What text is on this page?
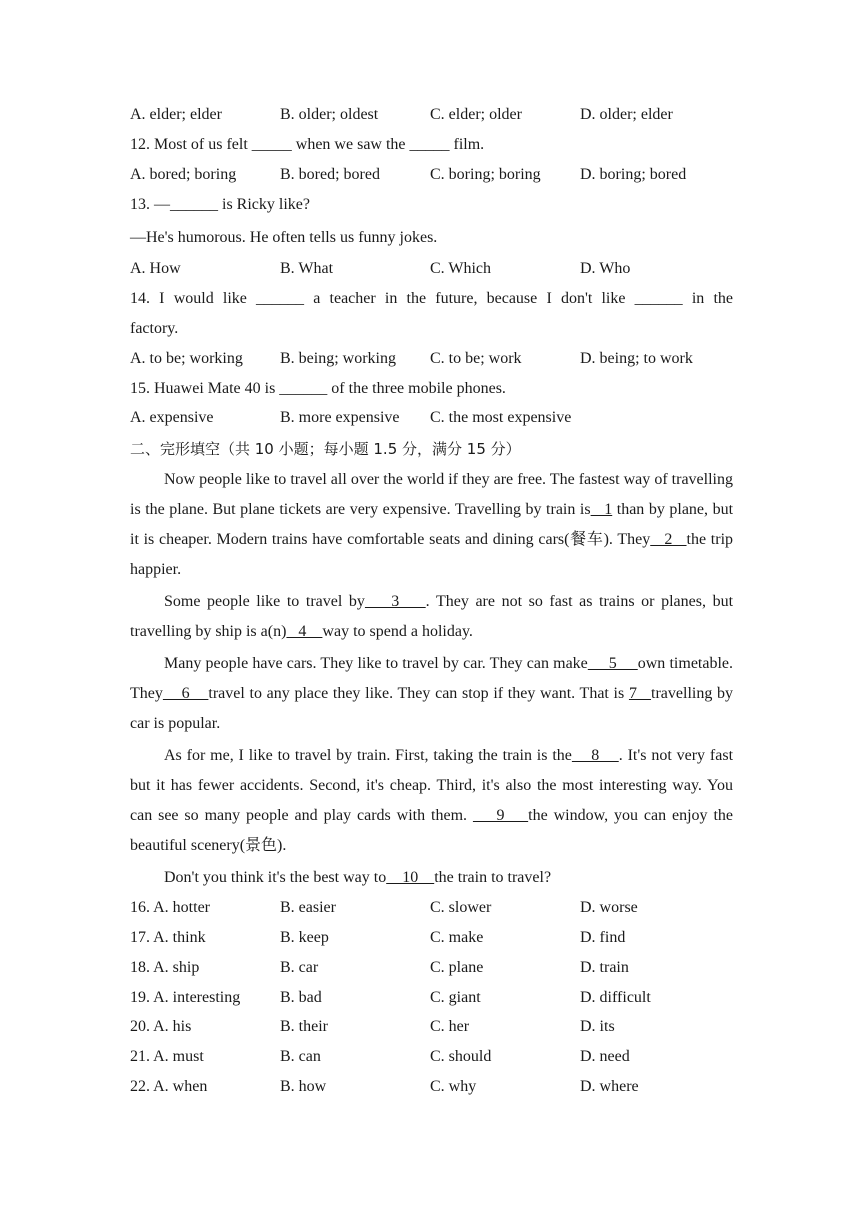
A. elder; elder	B. older; oldest	C. elder; older	D. older; elder
12. Most of us felt _____ when we saw the _____ film.
A. bored; boring	B. bored; bored	C. boring; boring	D. boring; bored
13. —______ is Ricky like?
—He's humorous. He often tells us funny jokes.
A. How	B. What	C. Which	D. Who
14. I would like ______ a teacher in the future, because I don't like ______ in the
factory.
A. to be; working	B. being; working	C. to be; work	D. being; to work
15. Huawei Mate 40 is ______ of the three mobile phones.
A. expensive	B. more expensive	C. the most expensive
二、完形填空（共 10 小题；每小题 1.5 分，满分 15 分）

Now people like to travel all over the world if they are free. The fastest way of travelling is the plane. But plane tickets are very expensive. Travelling by train is   1 than by plane, but it is cheaper. Modern trains have comfortable seats and dining cars(餐车). They   2   the trip happier.

Some people like to travel by    3    . They are not so fast as trains or planes, but travelling by ship is a(n)   4    way to spend a holiday.

Many people have cars. They like to travel by car. They can make     5     own timetable. They    6    travel to any place they like. They can stop if they want. That is 7   travelling by car is popular.

As for me, I like to travel by train. First, taking the train is the    8    . It's not very fast but it has fewer accidents. Second, it's cheap. Third, it's also the most interesting way. You can see so many people and play cards with them.     9    the window, you can enjoy the beautiful scenery(景色).

Don't you think it's the best way to    10    the train to travel?

16. A. hotter	B. easier	C. slower	D. worse
17. A. think	B. keep	C. make	D. find
18. A. ship	B. car	C. plane	D. train
19. A. interesting	B. bad	C. giant	D. difficult
20. A. his	B. their	C. her	D. its
21. A. must	B. can	C. should	D. need
22. A. when	B. how	C. why	D. where
